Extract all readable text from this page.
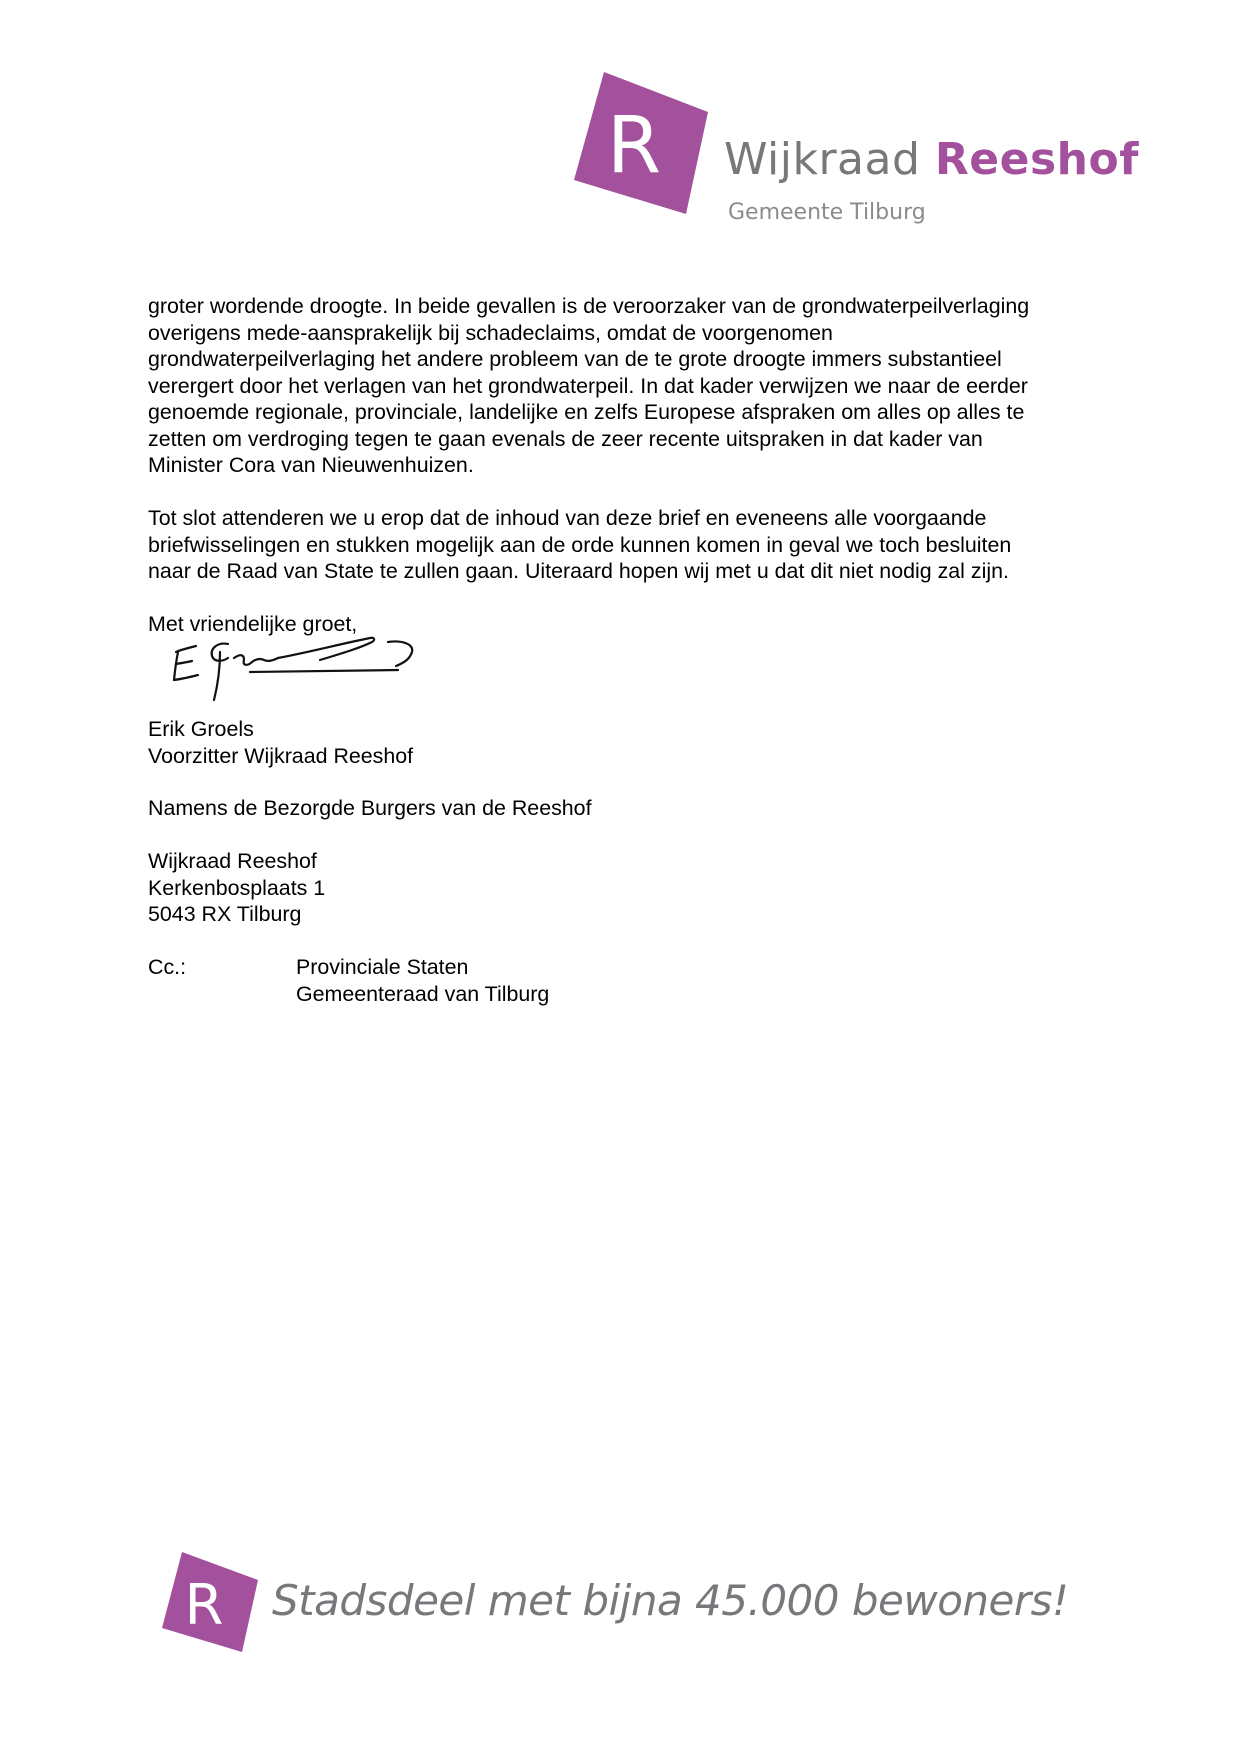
R Wijkraad Reeshof
Gemeente Tilburg
groter wordende droogte. In beide gevallen is de veroorzaker van de grondwaterpeilverlaging
overigens mede-aansprakelijk bij schadeclaims, omdat de voorgenomen
grondwaterpeilverlaging het andere probleem van de te grote droogte immers substantieel
verergert door het verlagen van het grondwaterpeil. In dat kader verwijzen we naar de eerder
genoemde regionale, provinciale, landelijke en zelfs Europese afspraken om alles op alles te
zetten om verdroging tegen te gaan evenals de zeer recente uitspraken in dat kader van
Minister Cora van Nieuwenhuizen.
Tot slot attenderen we u erop dat de inhoud van deze brief en eveneens alle voorgaande
briefwisselingen en stukken mogelijk aan de orde kunnen komen in geval we toch besluiten
naar de Raad van State te zullen gaan. Uiteraard hopen wij met u dat dit niet nodig zal zijn.
Met vriendelijke groet,
Erik Groels
Voorzitter Wijkraad Reeshof
Namens de Bezorgde Burgers van de Reeshof
Wijkraad Reeshof
Kerkenbosplaats 1
5043 RX Tilburg
Cc.:	Provinciale Staten
Gemeenteraad van Tilburg
R Stadsdeel met bijna 45.000 bewoners!
